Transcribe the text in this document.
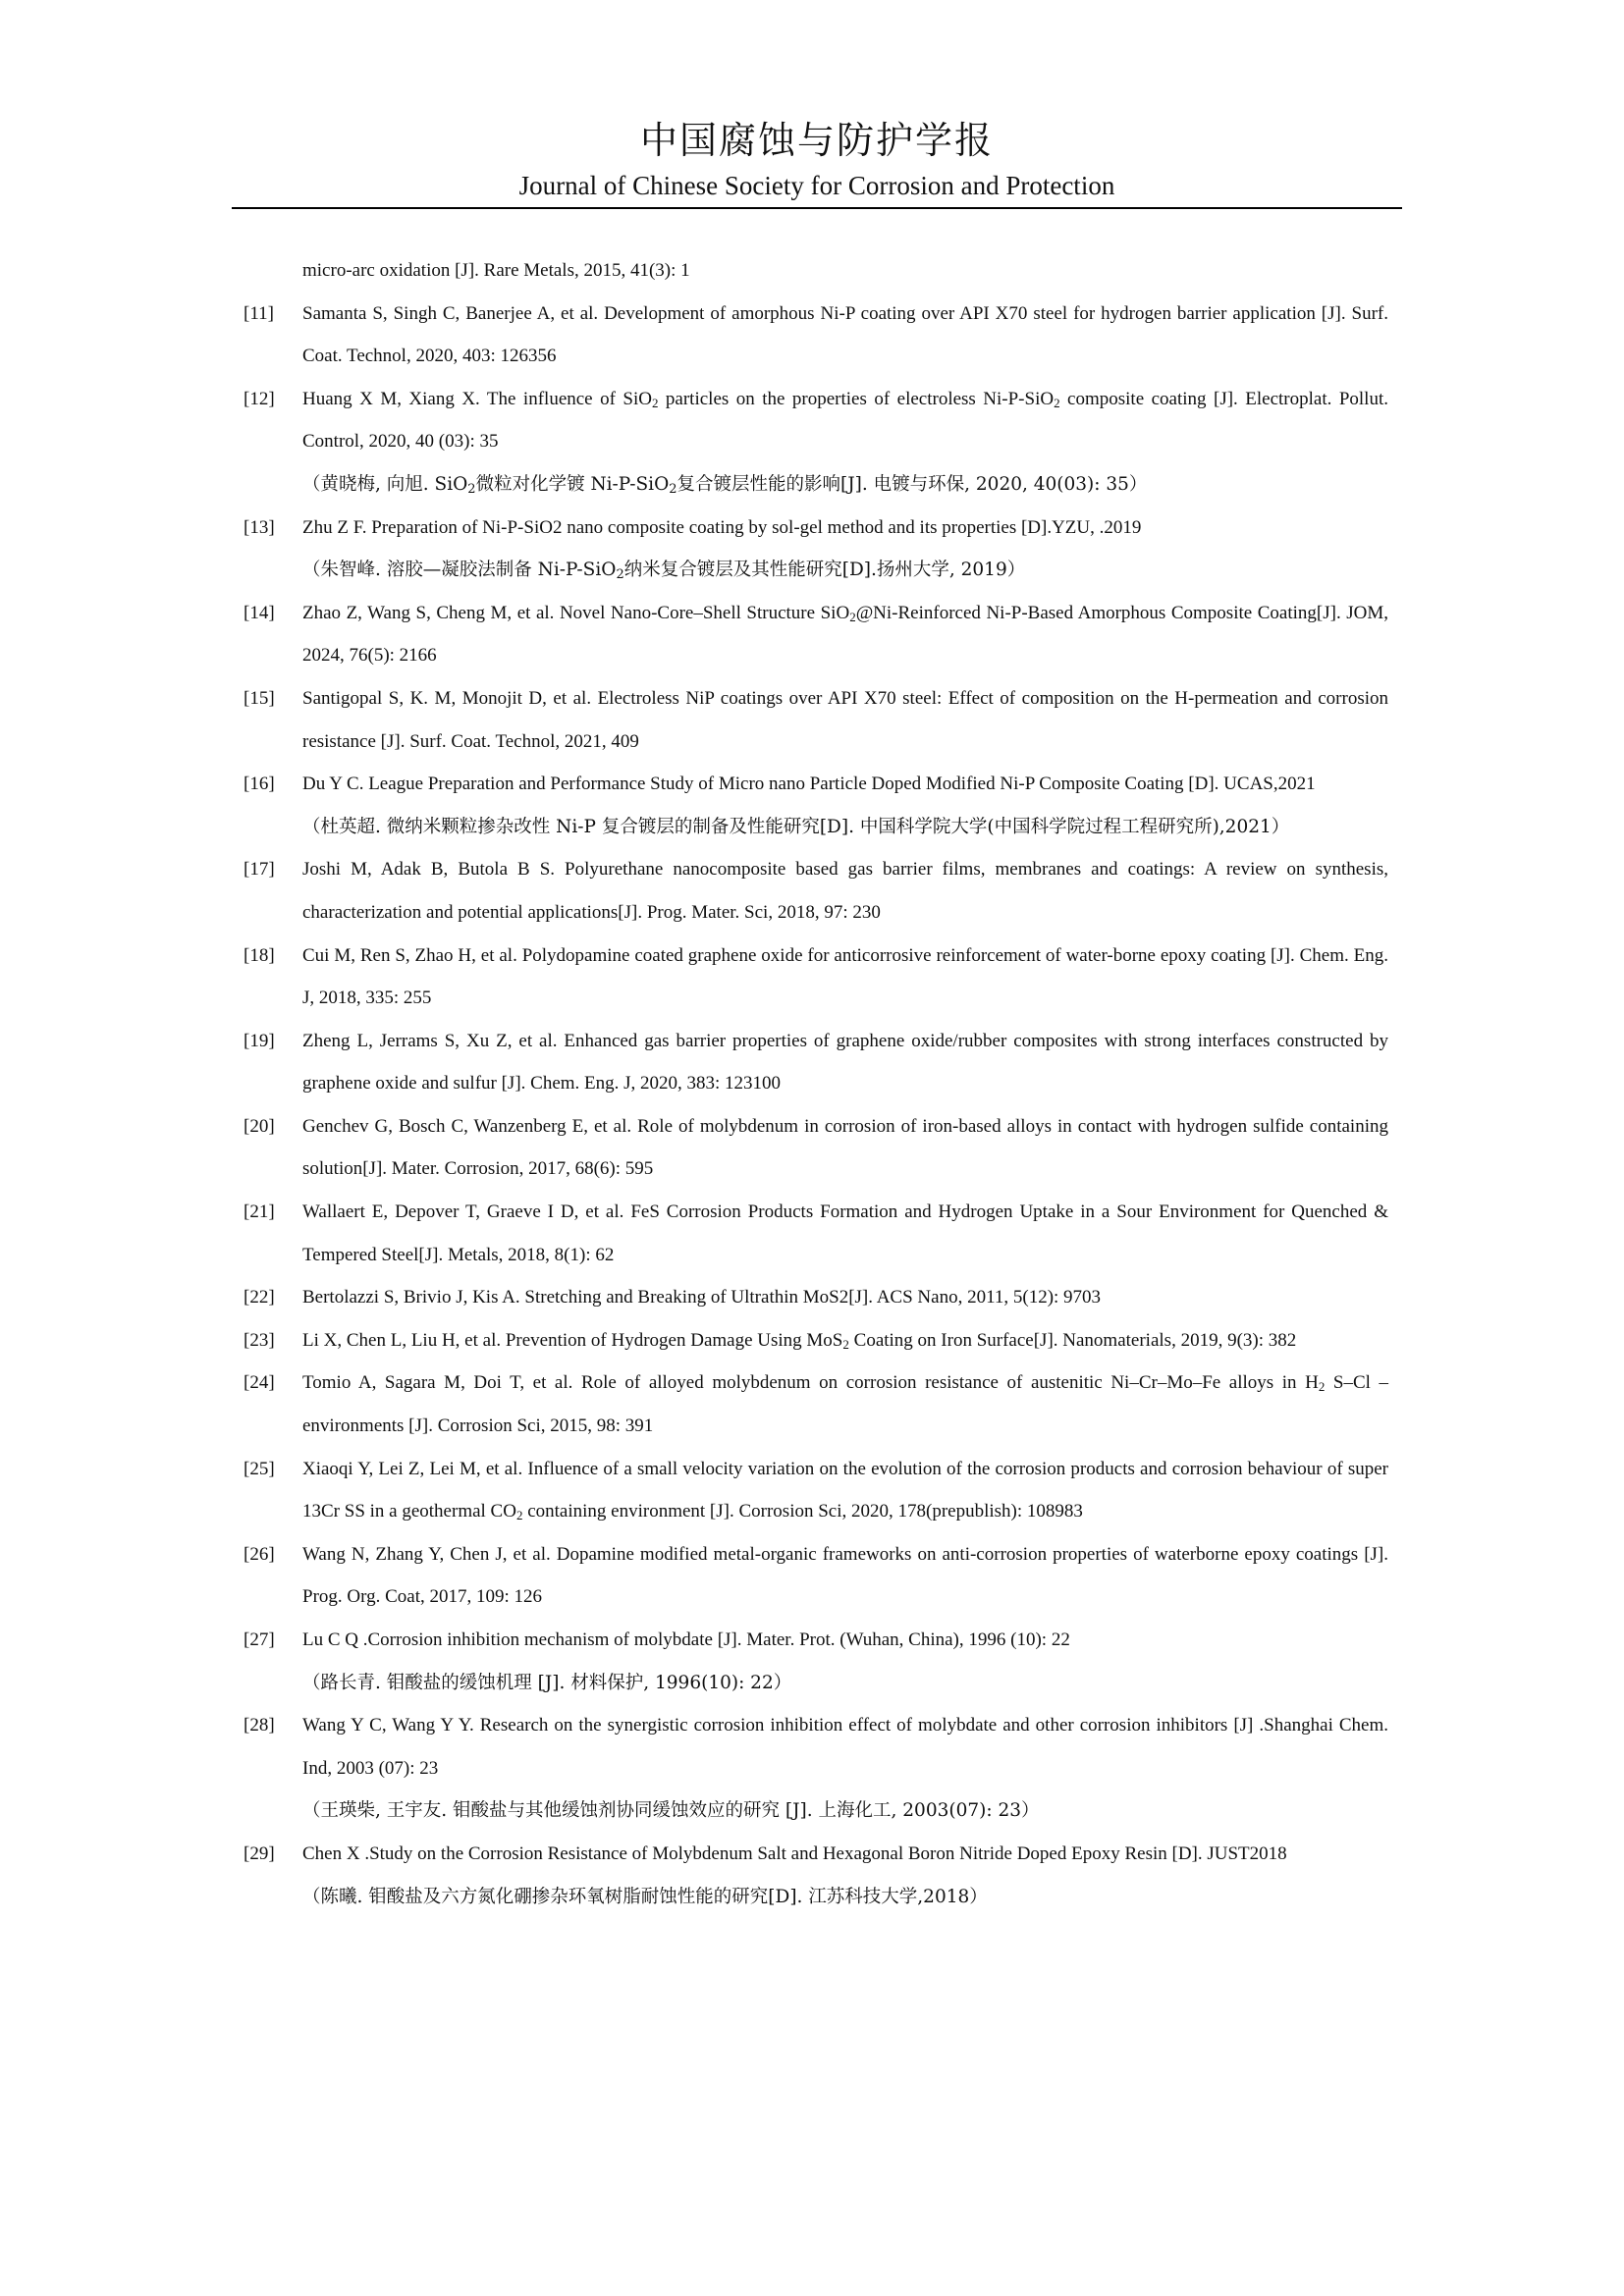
中国腐蚀与防护学报
Journal of Chinese Society for Corrosion and Protection
micro-arc oxidation [J]. Rare Metals, 2015, 41(3): 1
[11]	Samanta S, Singh C, Banerjee A, et al. Development of amorphous Ni-P coating over API X70 steel for hydrogen barrier application [J]. Surf. Coat. Technol, 2020, 403: 126356
[12]	Huang X M, Xiang X. The influence of SiO$_2$ particles on the properties of electroless Ni-P-SiO$_2$ composite coating [J]. Electroplat. Pollut. Control, 2020, 40 (03): 35
（黄晓梅, 向旭. SiO$_2$微粒对化学镀 Ni-P-SiO$_2$复合镀层性能的影响[J]. 电镀与环保, 2020, 40(03): 35）
[13]	Zhu Z F. Preparation of Ni-P-SiO2 nano composite coating by sol-gel method and its properties [D].YZU, .2019
（朱智峰. 溶胶—凝胶法制备 Ni-P-SiO$_2$纳米复合镀层及其性能研究[D].扬州大学, 2019）
[14]	Zhao Z, Wang S, Cheng M, et al. Novel Nano-Core–Shell Structure SiO$_2$@Ni-Reinforced Ni-P-Based Amorphous Composite Coating[J]. JOM, 2024, 76(5): 2166
[15]	Santigopal S, K. M, Monojit D, et al. Electroless NiP coatings over API X70 steel: Effect of composition on the H-permeation and corrosion resistance [J]. Surf. Coat. Technol, 2021, 409
[16]	Du Y C. League Preparation and Performance Study of Micro nano Particle Doped Modified Ni-P Composite Coating [D]. UCAS,2021
（杜英超. 微纳米颗粒掺杂改性 Ni-P 复合镀层的制备及性能研究[D]. 中国科学院大学(中国科学院过程工程研究所),2021）
[17]	Joshi M, Adak B, Butola B S. Polyurethane nanocomposite based gas barrier films, membranes and coatings: A review on synthesis, characterization and potential applications[J]. Prog. Mater. Sci, 2018, 97: 230
[18]	Cui M, Ren S, Zhao H, et al. Polydopamine coated graphene oxide for anticorrosive reinforcement of water-borne epoxy coating [J]. Chem. Eng. J, 2018, 335: 255
[19]	Zheng L, Jerrams S, Xu Z, et al. Enhanced gas barrier properties of graphene oxide/rubber composites with strong interfaces constructed by graphene oxide and sulfur [J]. Chem. Eng. J, 2020, 383: 123100
[20]	Genchev G, Bosch C, Wanzenberg E, et al. Role of molybdenum in corrosion of iron-based alloys in contact with hydrogen sulfide containing solution[J]. Mater. Corrosion, 2017, 68(6): 595
[21]	Wallaert E, Depover T, Graeve I D, et al. FeS Corrosion Products Formation and Hydrogen Uptake in a Sour Environment for Quenched & Tempered Steel[J]. Metals, 2018, 8(1): 62
[22]	Bertolazzi S, Brivio J, Kis A. Stretching and Breaking of Ultrathin MoS2[J]. ACS Nano, 2011, 5(12): 9703
[23]	Li X, Chen L, Liu H, et al. Prevention of Hydrogen Damage Using MoS$_2$ Coating on Iron Surface[J]. Nanomaterials, 2019, 9(3): 382
[24]	Tomio A, Sagara M, Doi T, et al. Role of alloyed molybdenum on corrosion resistance of austenitic Ni–Cr–Mo–Fe alloys in $H_2$ S–Cl – environments [J]. Corrosion Sci, 2015, 98: 391
[25]	Xiaoqi Y, Lei Z, Lei M, et al. Influence of a small velocity variation on the evolution of the corrosion products and corrosion behaviour of super 13Cr SS in a geothermal $CO_2$ containing environment [J]. Corrosion Sci, 2020, 178(prepublish): 108983
[26]	Wang N, Zhang Y, Chen J, et al. Dopamine modified metal-organic frameworks on anti-corrosion properties of waterborne epoxy coatings [J]. Prog. Org. Coat, 2017, 109: 126
[27]	Lu C Q .Corrosion inhibition mechanism of molybdate [J]. Mater. Prot. (Wuhan, China), 1996 (10): 22
（路长青. 钼酸盐的缓蚀机理 [J]. 材料保护, 1996(10): 22）
[28]	Wang Y C, Wang Y Y. Research on the synergistic corrosion inhibition effect of molybdate and other corrosion inhibitors [J] .Shanghai Chem. Ind, 2003 (07): 23
（王瑛柴, 王宇友. 钼酸盐与其他缓蚀剂协同缓蚀效应的研究 [J]. 上海化工, 2003(07): 23）
[29]	Chen X .Study on the Corrosion Resistance of Molybdenum Salt and Hexagonal Boron Nitride Doped Epoxy Resin [D]. JUST2018
（陈曦. 钼酸盐及六方氮化硼掺杂环氧树脂耐蚀性能的研究[D]. 江苏科技大学,2018）
